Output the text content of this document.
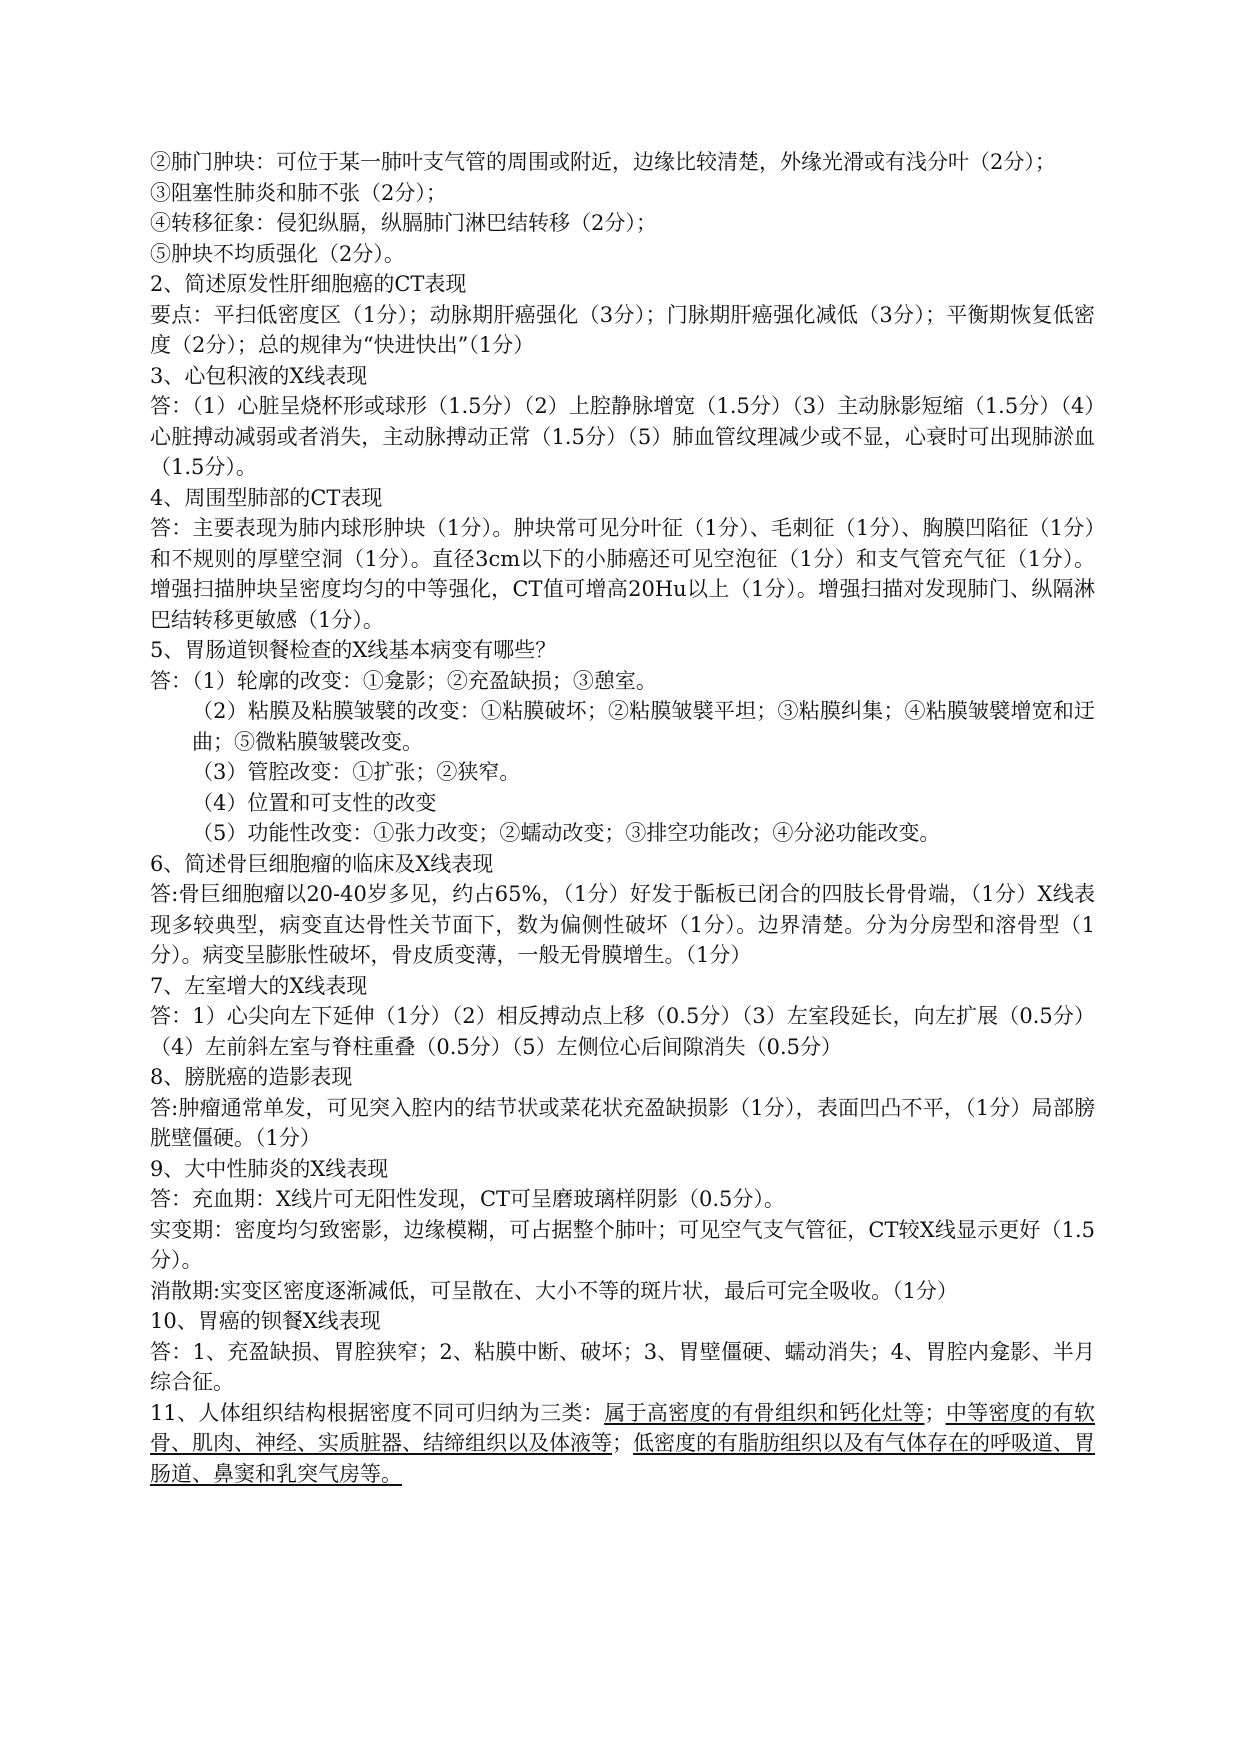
②肺门肿块：可位于某一肺叶支气管的周围或附近，边缘比较清楚，外缘光滑或有浅分叶（2分）；

③阻塞性肺炎和肺不张（2分）；

④转移征象：侵犯纵膈，纵膈肺门淋巴结转移（2分）；

⑤肿块不均质强化（2分）。

2、简述原发性肝细胞癌的CT表现

要点：平扫低密度区（1分）；动脉期肝癌强化（3分）；门脉期肝癌强化减低（3分）；平衡期恢复低密度（2分）；总的规律为“快进快出”（1分）

3、心包积液的X线表现

答：（1）心脏呈烧杯形或球形（1.5分）（2）上腔静脉增宽（1.5分）（3）主动脉影短缩（1.5分）（4）心脏搏动减弱或者消失，主动脉搏动正常（1.5分）（5）肺血管纹理减少或不显，心衰时可出现肺淤血（1.5分）。

4、周围型肺部的CT表现

答：主要表现为肺内球形肿块（1分）。肿块常可见分叶征（1分）、毛刺征（1分）、胸膜凹陷征（1分）和不规则的厚壁空洞（1分）。直径3cm以下的小肺癌还可见空泡征（1分）和支气管充气征（1分）。增强扫描肿块呈密度均匀的中等强化，CT值可增高20Hu以上（1分）。增强扫描对发现肺门、纵隔淋巴结转移更敏感（1分）。

5、胃肠道钡餐检查的X线基本病变有哪些？

答：（1）轮廓的改变：①龛影；②充盈缺损；③憩室。

（2）粘膜及粘膜皱襞的改变：①粘膜破坏；②粘膜皱襞平坦；③粘膜纠集；④粘膜皱襞增宽和迂曲；⑤微粘膜皱襞改变。

（3）管腔改变：①扩张；②狭窄。

（4）位置和可支性的改变

（5）功能性改变：①张力改变；②蠕动改变；③排空功能改；④分泌功能改变。

6、简述骨巨细胞瘤的临床及X线表现

答:骨巨细胞瘤以20-40岁多见，约占65%，（1分）好发于骺板已闭合的四肢长骨骨端，（1分）X线表现多较典型，病变直达骨性关节面下，数为偏侧性破坏（1分）。边界清楚。分为分房型和溶骨型（1分）。病变呈膨胀性破坏，骨皮质变薄，一般无骨膜增生。（1分）

7、左室增大的X线表现

答：1）心尖向左下延伸（1分）（2）相反搏动点上移（0.5分）（3）左室段延长，向左扩展（0.5分）（4）左前斜左室与脊柱重叠（0.5分）（5）左侧位心后间隙消失（0.5分）

8、膀胱癌的造影表现

答:肿瘤通常单发，可见突入腔内的结节状或菜花状充盈缺损影（1分），表面凹凸不平，（1分）局部膀胱壁僵硬。（1分）

9、大中性肺炎的X线表现

答：充血期：X线片可无阳性发现，CT可呈磨玻璃样阴影（0.5分）。

实变期：密度均匀致密影，边缘模糊，可占据整个肺叶；可见空气支气管征，CT较X线显示更好（1.5分）。

消散期:实变区密度逐渐减低，可呈散在、大小不等的斑片状，最后可完全吸收。（1分）

10、胃癌的钡餐X线表现

答：1、充盈缺损、胃腔狭窄；2、粘膜中断、破坏；3、胃壁僵硬、蠕动消失；4、胃腔内龛影、半月综合征。

11、人体组织结构根据密度不同可归纳为三类：属于高密度的有骨组织和钙化灶等；中等密度的有软骨、肌肉、神经、实质脏器、结缔组织以及体液等；低密度的有脂肪组织以及有气体存在的呼吸道、胃肠道、鼻窦和乳突气房等。
